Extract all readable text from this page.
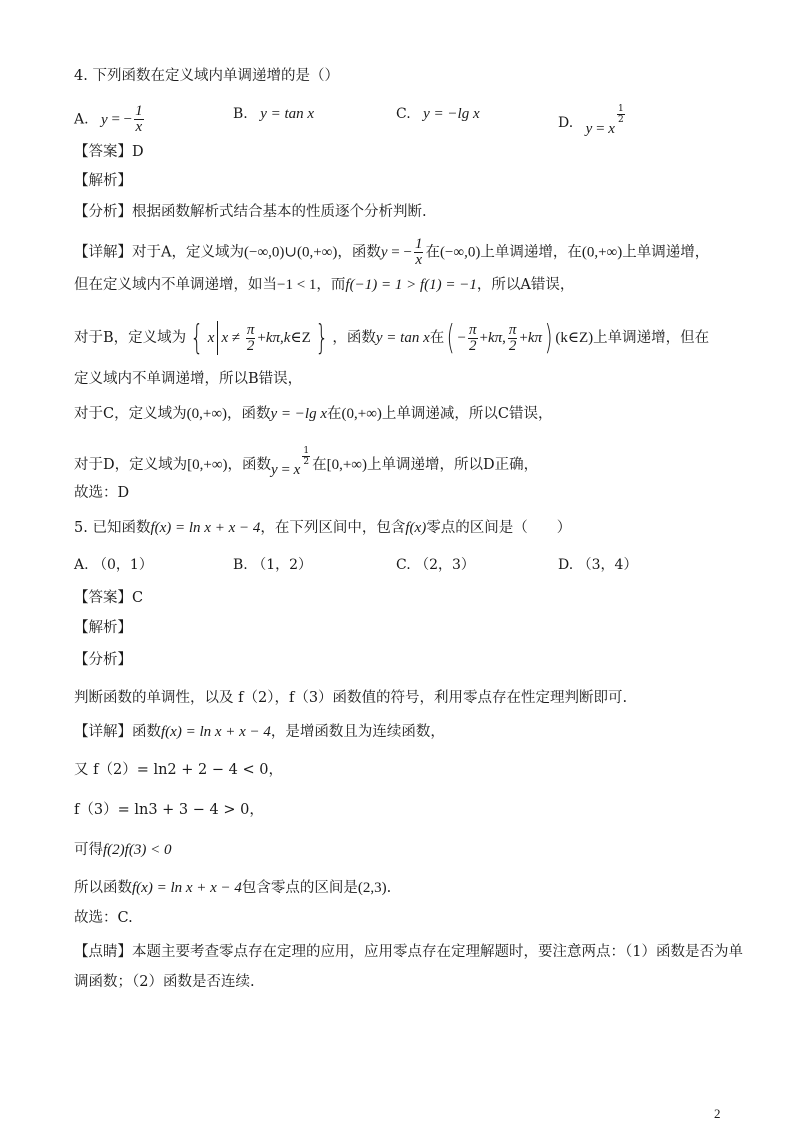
4. 下列函数在定义域内单调递增的是（）
A. y = − $\frac{1}{x}$	B. y = tan x	C. y = −lg x
D. y = x
$^{\frac{1}{2}}$
【答案】D
【解析】
【分析】根据函数解析式结合基本的性质逐个分析判断.
【详解】对于A，定义域为(−∞,0)∪(0,+∞)，函数y = − $\frac{1}{x}$ 在(−∞,0)上单调递增，在(0,+∞)上单调递增，
但在定义域内不单调递增，如当−1 < 1，而f(−1) = 1 > f(1) = −1，所以A错误，
对于B，定义域为 { x $x \ne \frac{\pi}{2}$ +kπ,k∈Z } ，函数y = tan x在( − $\frac{\pi}{2} +k\pi$, $\frac{\pi}{2} +k\pi$) (k∈Z)上单调递增，但在
定义域内不单调递增，所以B错误，
对于C，定义域为(0,+∞)，函数y = −lg x在(0,+∞)上单调递减，所以C错误，
对于D，定义域为[0,+∞)，函数y = x
$^{\frac{1}{2}}$ 在[0,+∞)上单调递增，所以D正确，
故选：D
5. 已知函数f(x) = ln x + x − 4，在下列区间中，包含f(x)零点的区间是（　　）
A. （0，1）	B. （1，2）	C. （2，3）	D. （3，4）
【答案】C
【解析】
【分析】
判断函数的单调性，以及 f（2），f（3）函数值的符号，利用零点存在性定理判断即可.
【详解】函数f(x) = ln x + x − 4，是增函数且为连续函数，
又 f（2）= ln2 + 2 − 4 < 0，
f（3）= ln3 + 3 − 4 > 0，
可得f(2)f(3) < 0
所以函数f(x) = ln x + x − 4包含零点的区间是(2,3).
故选：C.
【点睛】本题主要考查零点存在定理的应用，应用零点存在定理解题时，要注意两点：（1）函数是否为单
调函数；（2）函数是否连续.
2
